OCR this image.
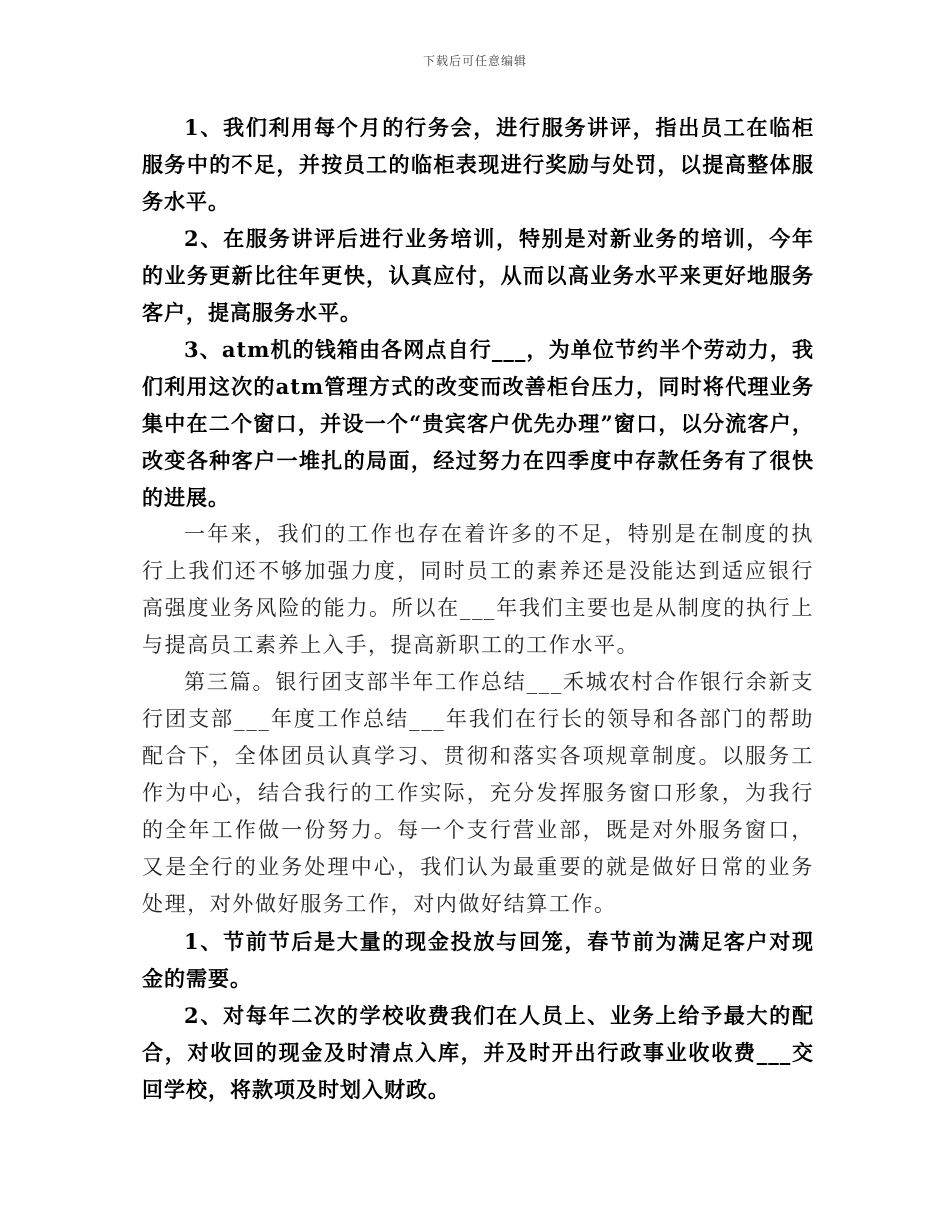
下载后可任意编辑

1、我们利用每个月的行务会，进行服务讲评，指出员工在临柜服务中的不足，并按员工的临柜表现进行奖励与处罚，以提高整体服务水平。

2、在服务讲评后进行业务培训，特别是对新业务的培训，今年的业务更新比往年更快，认真应付，从而以高业务水平来更好地服务客户，提高服务水平。

3、atm机的钱箱由各网点自行___，为单位节约半个劳动力，我们利用这次的atm管理方式的改变而改善柜台压力，同时将代理业务集中在二个窗口，并设一个“贵宾客户优先办理”窗口，以分流客户，改变各种客户一堆扎的局面，经过努力在四季度中存款任务有了很快的进展。

一年来，我们的工作也存在着许多的不足，特别是在制度的执行上我们还不够加强力度，同时员工的素养还是没能达到适应银行高强度业务风险的能力。所以在___年我们主要也是从制度的执行上与提高员工素养上入手，提高新职工的工作水平。

第三篇。银行团支部半年工作总结___禾城农村合作银行余新支行团支部___年度工作总结___年我们在行长的领导和各部门的帮助配合下，全体团员认真学习、贯彻和落实各项规章制度。以服务工作为中心，结合我行的工作实际，充分发挥服务窗口形象，为我行的全年工作做一份努力。每一个支行营业部，既是对外服务窗口，又是全行的业务处理中心，我们认为最重要的就是做好日常的业务处理，对外做好服务工作，对内做好结算工作。

1、节前节后是大量的现金投放与回笼，春节前为满足客户对现金的需要。

2、对每年二次的学校收费我们在人员上、业务上给予最大的配合，对收回的现金及时清点入库，并及时开出行政事业收收费___交回学校，将款项及时划入财政。
